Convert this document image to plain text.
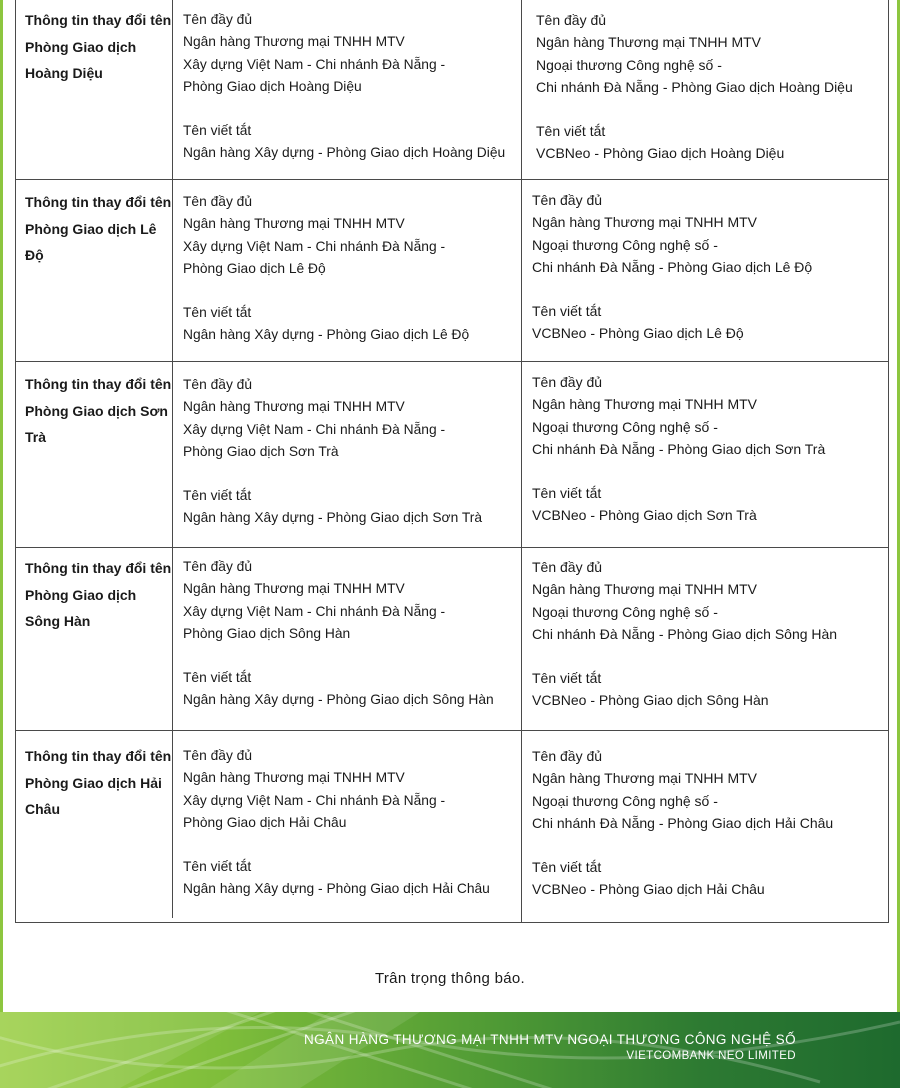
Thông tin thay đổi tên Phòng Giao dịch Hoàng Diệu
Tên đầy đủ
Ngân hàng Thương mại TNHH MTV
Xây dựng Việt Nam - Chi nhánh Đà Nẵng -
Phòng Giao dịch Hoàng Diệu
Tên viết tắt
Ngân hàng Xây dựng - Phòng Giao dịch Hoàng Diệu
Tên đầy đủ
Ngân hàng Thương mại TNHH MTV
Ngoại thương Công nghệ số -
Chi nhánh Đà Nẵng - Phòng Giao dịch Hoàng Diệu
Tên viết tắt
VCBNeo - Phòng Giao dịch Hoàng Diệu
Thông tin thay đổi tên Phòng Giao dịch Lê Độ
Tên đầy đủ
Ngân hàng Thương mại TNHH MTV
Xây dựng Việt Nam - Chi nhánh Đà Nẵng -
Phòng Giao dịch Lê Độ
Tên viết tắt
Ngân hàng Xây dựng - Phòng Giao dịch Lê Độ
Tên đầy đủ
Ngân hàng Thương mại TNHH MTV
Ngoại thương Công nghệ số -
Chi nhánh Đà Nẵng - Phòng Giao dịch Lê Độ
Tên viết tắt
VCBNeo - Phòng Giao dịch Lê Độ
Thông tin thay đổi tên Phòng Giao dịch Sơn Trà
Tên đầy đủ
Ngân hàng Thương mại TNHH MTV
Xây dựng Việt Nam - Chi nhánh Đà Nẵng -
Phòng Giao dịch Sơn Trà
Tên viết tắt
Ngân hàng Xây dựng - Phòng Giao dịch Sơn Trà
Tên đầy đủ
Ngân hàng Thương mại TNHH MTV
Ngoại thương Công nghệ số -
Chi nhánh Đà Nẵng - Phòng Giao dịch Sơn Trà
Tên viết tắt
VCBNeo - Phòng Giao dịch Sơn Trà
Thông tin thay đổi tên Phòng Giao dịch Sông Hàn
Tên đầy đủ
Ngân hàng Thương mại TNHH MTV
Xây dựng Việt Nam - Chi nhánh Đà Nẵng -
Phòng Giao dịch Sông Hàn
Tên viết tắt
Ngân hàng Xây dựng - Phòng Giao dịch Sông Hàn
Tên đầy đủ
Ngân hàng Thương mại TNHH MTV
Ngoại thương Công nghệ số -
Chi nhánh Đà Nẵng - Phòng Giao dịch Sông Hàn
Tên viết tắt
VCBNeo - Phòng Giao dịch Sông Hàn
Thông tin thay đổi tên Phòng Giao dịch Hải Châu
Tên đầy đủ
Ngân hàng Thương mại TNHH MTV
Xây dựng Việt Nam - Chi nhánh Đà Nẵng -
Phòng Giao dịch Hải Châu
Tên viết tắt
Ngân hàng Xây dựng - Phòng Giao dịch Hải Châu
Tên đầy đủ
Ngân hàng Thương mại TNHH MTV
Ngoại thương Công nghệ số -
Chi nhánh Đà Nẵng - Phòng Giao dịch Hải Châu
Tên viết tắt
VCBNeo - Phòng Giao dịch Hải Châu
Trân trọng thông báo.
NGÂN HÀNG THƯƠNG MẠI TNHH MTV NGOẠI THƯƠNG CÔNG NGHỆ SỐ
VIETCOMBANK NEO LIMITED
